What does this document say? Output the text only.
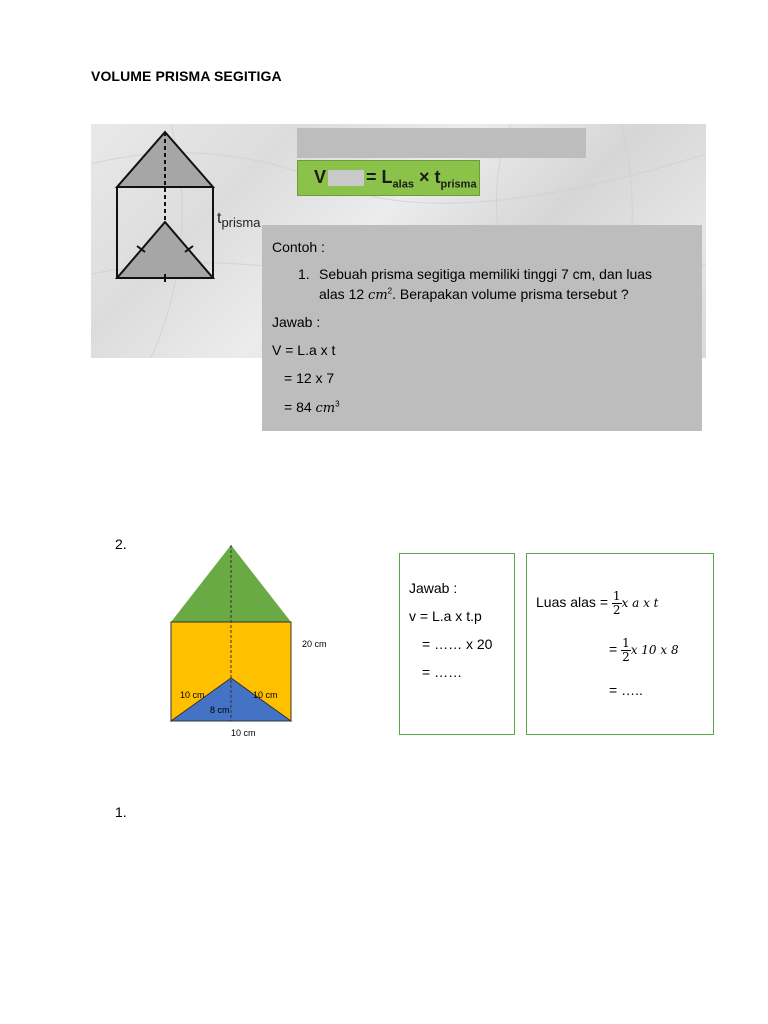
VOLUME PRISMA SEGITIGA
$t_{prisma}$
$V = L_{alas} \times t_{prisma}$
Contoh :
1. Sebuah prisma segitiga memiliki tinggi 7 cm, dan luas
alas 12 $cm^2$. Berapakan volume prisma tersebut ?
Jawab :
V = L.a x t
= 12 x 7
= 84 $cm^3$
2.
20 cm
10 cm	10 cm
8 cm
10 cm
Jawab :
v = L.a x t.p
= …… x 20
= ……
Luas alas = $\frac{1}{2}$ x a x t
= $\frac{1}{2}$ x 10 x 8
= …..
1.
